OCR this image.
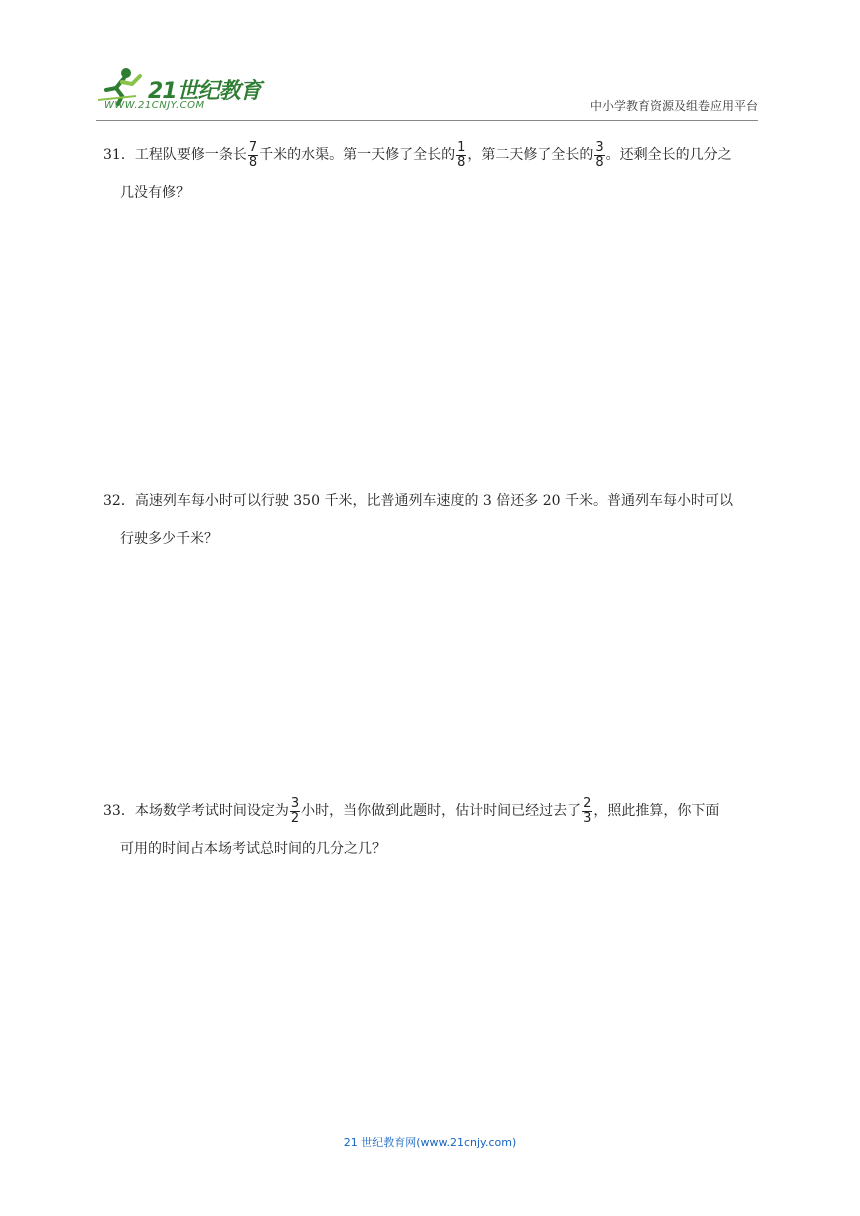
21世纪教育
WWW.21CNJY.COM	中小学教育资源及组卷应用平台
31．工程队要修一条长 $\frac{7}{8}$ 千米的水渠。第一天修了全长的 $\frac{1}{8}$ ，第二天修了全长的 $\frac{3}{8}$ 。还剩全长的几分之
几没有修？
32．高速列车每小时可以行驶 350 千米，比普通列车速度的 3 倍还多 20 千米。普通列车每小时可以
行驶多少千米？
33．本场数学考试时间设定为 $\frac{3}{2}$ 小时，当你做到此题时，估计时间已经过去了 $\frac{2}{3}$ ，照此推算，你下面
可用的时间占本场考试总时间的几分之几？
21 世纪教育网(www.21cnjy.com)
